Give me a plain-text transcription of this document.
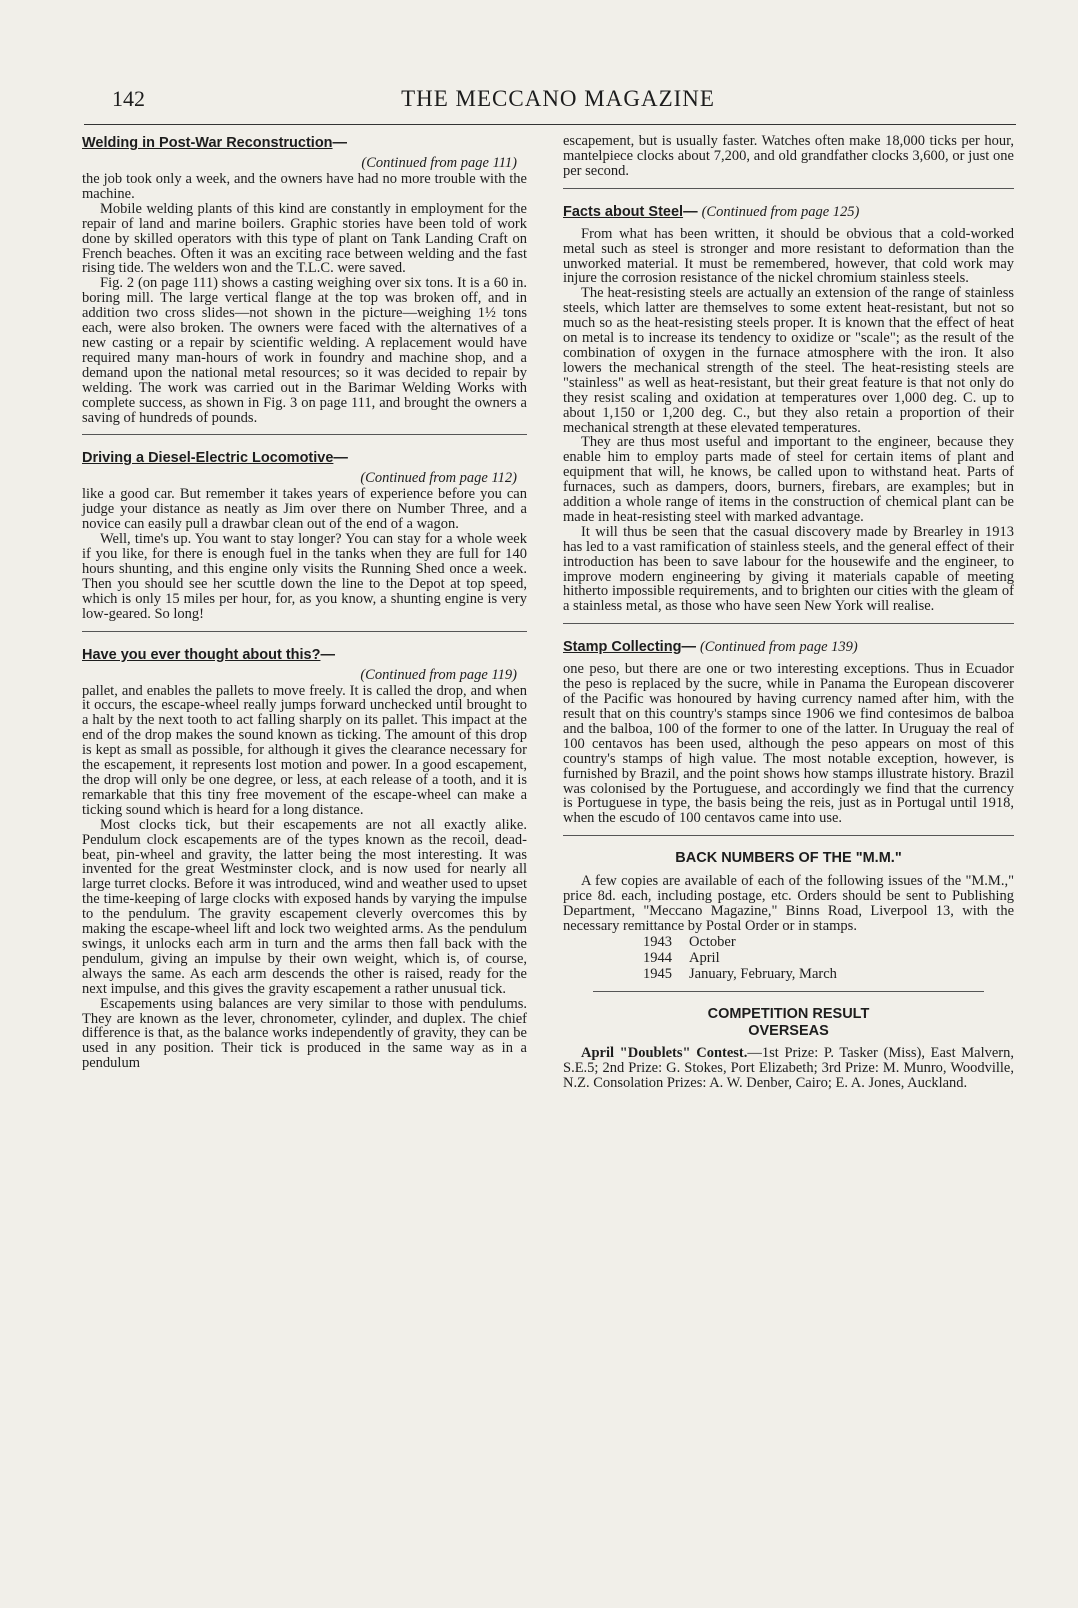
142	THE MECCANO MAGAZINE
Welding in Post-War Reconstruction—
(Continued from page 111)

the job took only a week, and the owners have had no more trouble with the machine.

Mobile welding plants of this kind are constantly in employment for the repair of land and marine boilers. Graphic stories have been told of work done by skilled operators with this type of plant on Tank Landing Craft on French beaches. Often it was an exciting race between welding and the fast rising tide. The welders won and the T.L.C. were saved.

Fig. 2 (on page 111) shows a casting weighing over six tons. It is a 60 in. boring mill. The large vertical flange at the top was broken off, and in addition two cross slides—not shown in the picture—weighing 1½ tons each, were also broken. The owners were faced with the alternatives of a new casting or a repair by scientific welding. A replacement would have required many man-hours of work in foundry and machine shop, and a demand upon the national metal resources; so it was decided to repair by welding. The work was carried out in the Barimar Welding Works with complete success, as shown in Fig. 3 on page 111, and brought the owners a saving of hundreds of pounds.

Driving a Diesel-Electric Locomotive—
(Continued from page 112)

like a good car. But remember it takes years of experience before you can judge your distance as neatly as Jim over there on Number Three, and a novice can easily pull a drawbar clean out of the end of a wagon.

Well, time's up. You want to stay longer? You can stay for a whole week if you like, for there is enough fuel in the tanks when they are full for 140 hours shunting, and this engine only visits the Running Shed once a week. Then you should see her scuttle down the line to the Depot at top speed, which is only 15 miles per hour, for, as you know, a shunting engine is very low-geared. So long!

Have you ever thought about this?—
(Continued from page 119)

pallet, and enables the pallets to move freely. It is called the drop, and when it occurs, the escape-wheel really jumps forward unchecked until brought to a halt by the next tooth to act falling sharply on its pallet. This impact at the end of the drop makes the sound known as ticking. The amount of this drop is kept as small as possible, for although it gives the clearance necessary for the escapement, it represents lost motion and power. In a good escapement, the drop will only be one degree, or less, at each release of a tooth, and it is remarkable that this tiny free movement of the escape-wheel can make a ticking sound which is heard for a long distance.

Most clocks tick, but their escapements are not all exactly alike. Pendulum clock escapements are of the types known as the recoil, dead-beat, pin-wheel and gravity, the latter being the most interesting. It was invented for the great Westminster clock, and is now used for nearly all large turret clocks. Before it was introduced, wind and weather used to upset the time-keeping of large clocks with exposed hands by varying the impulse to the pendulum. The gravity escapement cleverly overcomes this by making the escape-wheel lift and lock two weighted arms. As the pendulum swings, it unlocks each arm in turn and the arms then fall back with the pendulum, giving an impulse by their own weight, which is, of course, always the same. As each arm descends the other is raised, ready for the next impulse, and this gives the gravity escapement a rather unusual tick.

Escapements using balances are very similar to those with pendulums. They are known as the lever, chronometer, cylinder, and duplex. The chief difference is that, as the balance works independently of gravity, they can be used in any position. Their tick is produced in the same way as in a pendulum

escapement, but is usually faster. Watches often make 18,000 ticks per hour, mantelpiece clocks about 7,200, and old grandfather clocks 3,600, or just one per second.

Facts about Steel— (Continued from page 125)

From what has been written, it should be obvious that a cold-worked metal such as steel is stronger and more resistant to deformation than the unworked material. It must be remembered, however, that cold work may injure the corrosion resistance of the nickel chromium stainless steels.

The heat-resisting steels are actually an extension of the range of stainless steels, which latter are themselves to some extent heat-resistant, but not so much so as the heat-resisting steels proper. It is known that the effect of heat on metal is to increase its tendency to oxidize or "scale"; as the result of the combination of oxygen in the furnace atmosphere with the iron. It also lowers the mechanical strength of the steel. The heat-resisting steels are "stainless" as well as heat-resistant, but their great feature is that not only do they resist scaling and oxidation at temperatures over 1,000 deg. C. up to about 1,150 or 1,200 deg. C., but they also retain a proportion of their mechanical strength at these elevated temperatures.

They are thus most useful and important to the engineer, because they enable him to employ parts made of steel for certain items of plant and equipment that will, he knows, be called upon to withstand heat. Parts of furnaces, such as dampers, doors, burners, firebars, are examples; but in addition a whole range of items in the construction of chemical plant can be made in heat-resisting steel with marked advantage.

It will thus be seen that the casual discovery made by Brearley in 1913 has led to a vast ramification of stainless steels, and the general effect of their introduction has been to save labour for the housewife and the engineer, to improve modern engineering by giving it materials capable of meeting hitherto impossible requirements, and to brighten our cities with the gleam of a stainless metal, as those who have seen New York will realise.

Stamp Collecting— (Continued from page 139)

one peso, but there are one or two interesting exceptions. Thus in Ecuador the peso is replaced by the sucre, while in Panama the European discoverer of the Pacific was honoured by having currency named after him, with the result that on this country's stamps since 1906 we find contesimos de balboa and the balboa, 100 of the former to one of the latter. In Uruguay the real of 100 centavos has been used, although the peso appears on most of this country's stamps of high value. The most notable exception, however, is furnished by Brazil, and the point shows how stamps illustrate history. Brazil was colonised by the Portuguese, and accordingly we find that the currency is Portuguese in type, the basis being the reis, just as in Portugal until 1918, when the escudo of 100 centavos came into use.

BACK NUMBERS OF THE "M.M."

A few copies are available of each of the following issues of the "M.M.," price 8d. each, including postage, etc. Orders should be sent to Publishing Department, "Meccano Magazine," Binns Road, Liverpool 13, with the necessary remittance by Postal Order or in stamps.

1943	October
1944	April
1945	January, February, March
COMPETITION RESULT
OVERSEAS

April "Doublets" Contest.—1st Prize: P. Tasker (Miss), East Malvern, S.E.5; 2nd Prize: G. Stokes, Port Elizabeth; 3rd Prize: M. Munro, Woodville, N.Z. Consolation Prizes: A. W. Denber, Cairo; E. A. Jones, Auckland.
